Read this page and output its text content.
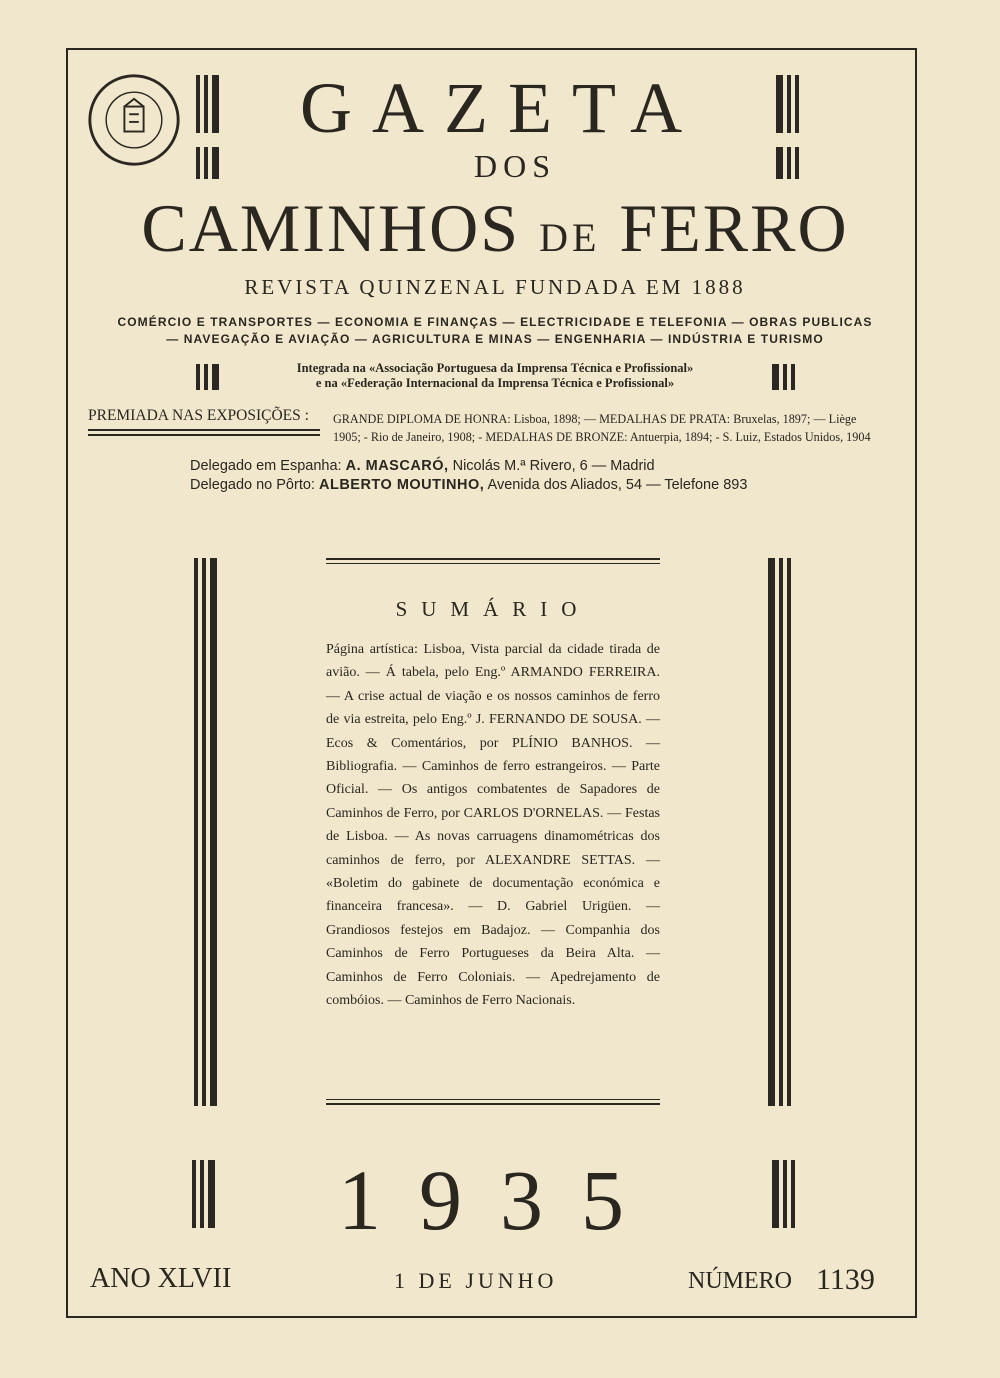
GAZETA
DOS
CAMINHOS DE FERRO
REVISTA QUINZENAL FUNDADA EM 1888
COMÉRCIO E TRANSPORTES — ECONOMIA E FINANÇAS — ELECTRICIDADE E TELEFONIA — OBRAS PUBLICAS
— NAVEGAÇÃO E AVIAÇÃO — AGRICULTURA E MINAS — ENGENHARIA — INDÚSTRIA E TURISMO
Integrada na «Associação Portuguesa da Imprensa Técnica e Profissional»
e na «Federação Internacional da Imprensa Técnica e Profissional»
PREMIADA NAS EXPOSIÇÕES : GRANDE DIPLOMA DE HONRA: Lisboa, 1898; — MEDALHAS DE PRATA: Bruxelas, 1897; — Liège
1905; - Rio de Janeiro, 1908; - MEDALHAS DE BRONZE: Antuerpia, 1894; - S. Luiz, Estados Unidos, 1904
Delegado em Espanha: A. MASCARÓ, Nicolás M.ª Rivero, 6 — Madrid
Delegado no Pôrto: ALBERTO MOUTINHO, Avenida dos Aliados, 54 — Telefone 893
SUMÁRIO
Página artística: Lisboa, Vista parcial da cidade tirada de avião. — Á tabela, pelo Eng.º ARMANDO FERREIRA. — A crise actual de viação e os nossos caminhos de ferro de via estreita, pelo Eng.º J. FERNANDO DE SOUSA. — Ecos & Comentários, por PLÍNIO BANHOS. — Bibliografia. — Caminhos de ferro estrangeiros. — Parte Oficial. — Os antigos combatentes de Sapadores de Caminhos de Ferro, por CARLOS D'ORNELAS. — Festas de Lisboa. — As novas carruagens dinamométricas dos caminhos de ferro, por ALEXANDRE SETTAS. — «Boletim do gabinete de documentação económica e financeira francesa». — D. Gabriel Urigüen. — Grandiosos festejos em Badajoz. — Companhia dos Caminhos de Ferro Portugueses da Beira Alta. — Caminhos de Ferro Coloniais. — Apedrejamento de combóios. — Caminhos de Ferro Nacionais.
1935
ANO XLVII	1 DE JUNHO	NÚMERO 1139
